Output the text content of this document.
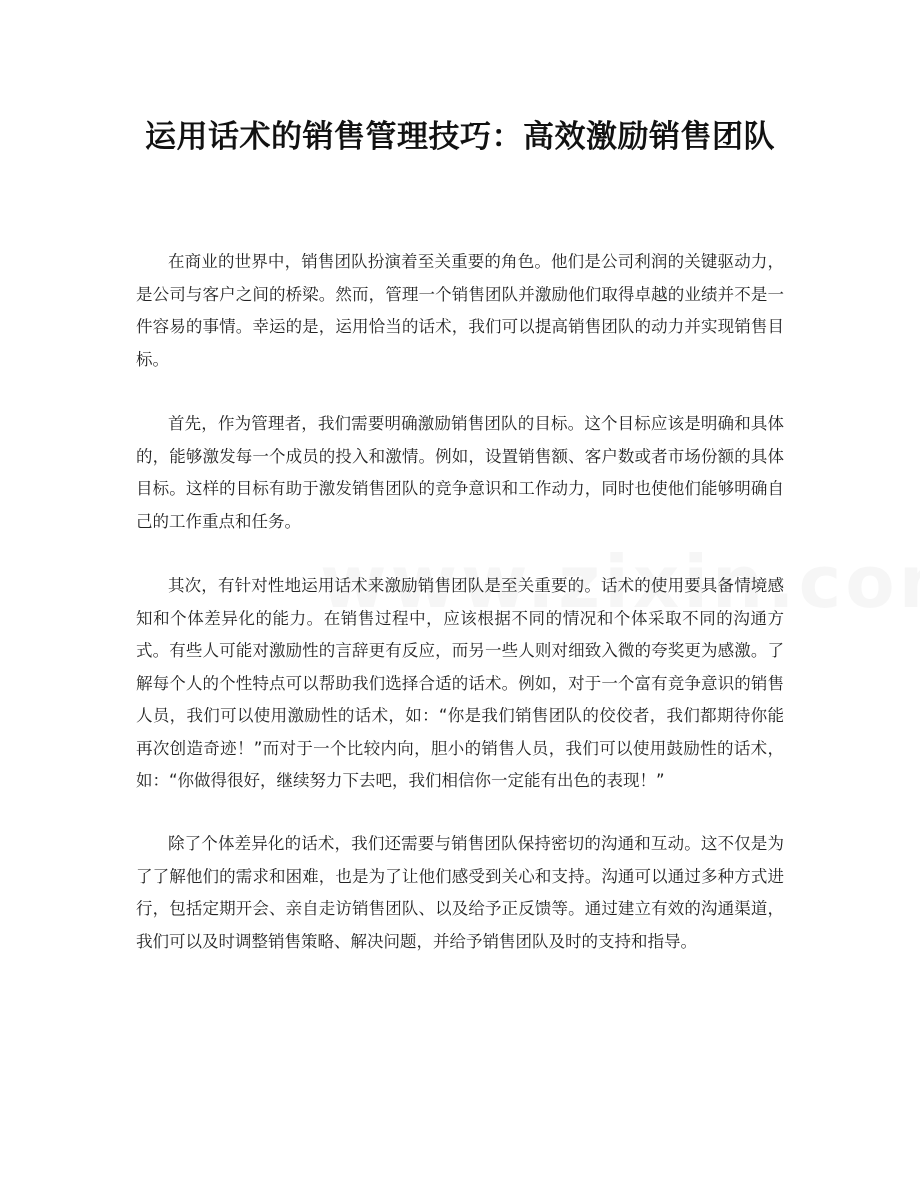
运用话术的销售管理技巧：高效激励销售团队

在商业的世界中，销售团队扮演着至关重要的角色。他们是公司利润的关键驱动力，是公司与客户之间的桥梁。然而，管理一个销售团队并激励他们取得卓越的业绩并不是一件容易的事情。幸运的是，运用恰当的话术，我们可以提高销售团队的动力并实现销售目标。

首先，作为管理者，我们需要明确激励销售团队的目标。这个目标应该是明确和具体的，能够激发每一个成员的投入和激情。例如，设置销售额、客户数或者市场份额的具体目标。这样的目标有助于激发销售团队的竞争意识和工作动力，同时也使他们能够明确自己的工作重点和任务。

其次，有针对性地运用话术来激励销售团队是至关重要的。话术的使用要具备情境感知和个体差异化的能力。在销售过程中，应该根据不同的情况和个体采取不同的沟通方式。有些人可能对激励性的言辞更有反应，而另一些人则对细致入微的夸奖更为感激。了解每个人的个性特点可以帮助我们选择合适的话术。例如，对于一个富有竞争意识的销售人员，我们可以使用激励性的话术，如：“你是我们销售团队的佼佼者，我们都期待你能再次创造奇迹！”而对于一个比较内向，胆小的销售人员，我们可以使用鼓励性的话术，如：“你做得很好，继续努力下去吧，我们相信你一定能有出色的表现！”

除了个体差异化的话术，我们还需要与销售团队保持密切的沟通和互动。这不仅是为了了解他们的需求和困难，也是为了让他们感受到关心和支持。沟通可以通过多种方式进行，包括定期开会、亲自走访销售团队、以及给予正反馈等。通过建立有效的沟通渠道，我们可以及时调整销售策略、解决问题，并给予销售团队及时的支持和指导。
